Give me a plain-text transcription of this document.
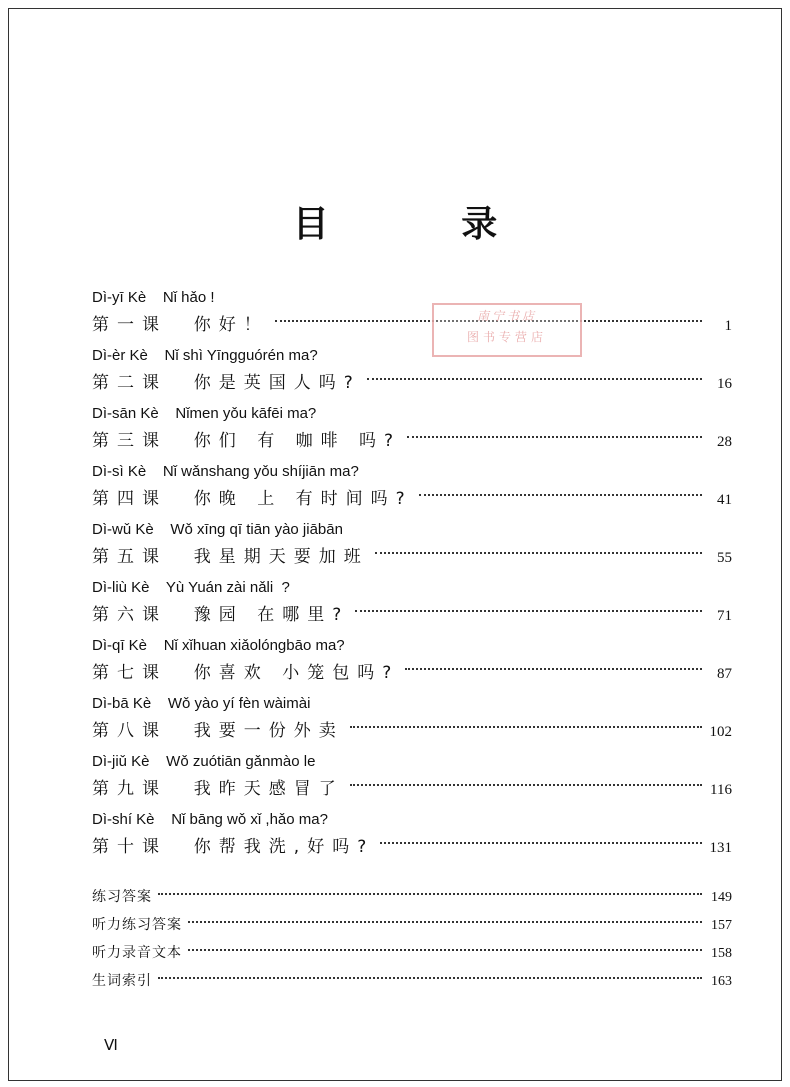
目 录
Dì-yī Kè    Nǐ hǎo !
第一课  你好！	1
Dì-èr Kè    Nǐ shì Yīngguórén ma?
第二课  你是英国人吗?	16
Dì-sān Kè    Nǐmen yǒu kāfēi ma?
第三课  你们 有 咖啡 吗?	28
Dì-sì Kè    Nǐ wǎnshang yǒu shíjiān ma?
第四课  你晚 上 有时间吗?	41
Dì-wǔ Kè    Wǒ xīng qī tiān yào jiābān
第五课  我星期天要加班	55
Dì-liù Kè    Yù Yuán zài nǎli  ?
第六课  豫园 在哪里?	71
Dì-qī Kè    Nǐ xǐhuan xiǎolóngbāo ma?
第七课  你喜欢 小笼包吗?	87
Dì-bā Kè    Wǒ yào yí fèn wàimài
第八课  我要一份外卖	102
Dì-jiǔ Kè    Wǒ zuótiān gǎnmào le
第九课  我昨天感冒了	116
Dì-shí Kè    Nǐ bāng wǒ xǐ ,hǎo ma?
第十课  你帮我洗,好吗?	131
练习答案	149
听力练习答案	157
听力录音文本	158
生词索引	163
南宁书店
图书专营店
Ⅵ
